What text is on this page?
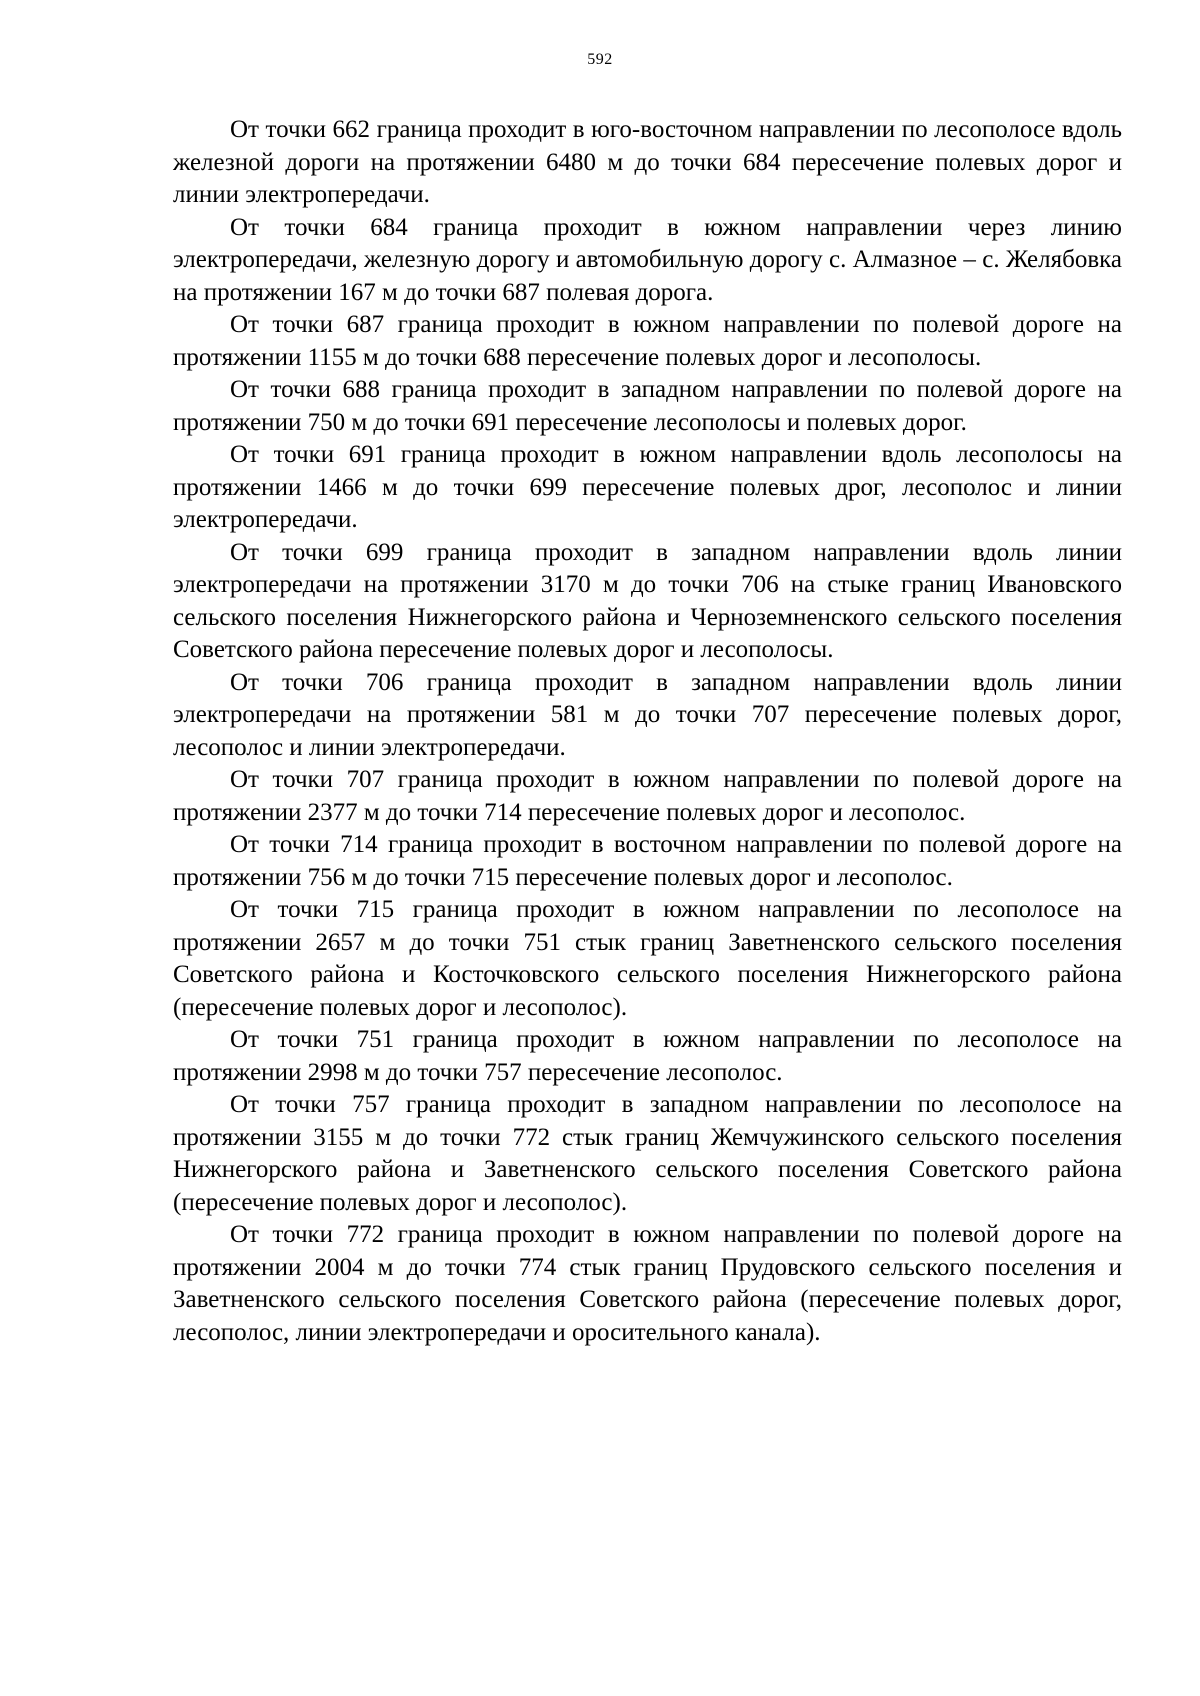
592

От точки 662 граница проходит в юго-восточном направлении по лесополосе вдоль железной дороги на протяжении 6480 м до точки 684 пересечение полевых дорог и линии электропередачи.

От точки 684 граница проходит в южном направлении через линию электропередачи, железную дорогу и автомобильную дорогу с. Алмазное – с. Желябовка на протяжении 167 м до точки 687 полевая дорога.

От точки 687 граница проходит в южном направлении по полевой дороге на протяжении 1155 м до точки 688 пересечение полевых дорог и лесополосы.

От точки 688 граница проходит в западном направлении по полевой дороге на протяжении 750 м до точки 691 пересечение лесополосы и полевых дорог.

От точки 691 граница проходит в южном направлении вдоль лесополосы на протяжении 1466 м до точки 699 пересечение полевых дрог, лесополос и линии электропередачи.

От точки 699 граница проходит в западном направлении вдоль линии электропередачи на протяжении 3170 м до точки 706 на стыке границ Ивановского сельского поселения Нижнегорского района и Черноземненского сельского поселения Советского района пересечение полевых дорог и лесополосы.

От точки 706 граница проходит в западном направлении вдоль линии электропередачи на протяжении 581 м до точки 707 пересечение полевых дорог, лесополос и линии электропередачи.

От точки 707 граница проходит в южном направлении по полевой дороге на протяжении 2377 м до точки 714 пересечение полевых дорог и лесополос.

От точки 714 граница проходит в восточном направлении по полевой дороге на протяжении 756 м до точки 715 пересечение полевых дорог и лесополос.

От точки 715 граница проходит в южном направлении по лесополосе на протяжении 2657 м до точки 751 стык границ Заветненского сельского поселения Советского района и Косточковского сельского поселения Нижнегорского района (пересечение полевых дорог и лесополос).

От точки 751 граница проходит в южном направлении по лесополосе на протяжении 2998 м до точки 757 пересечение лесополос.

От точки 757 граница проходит в западном направлении по лесополосе на протяжении 3155 м до точки 772 стык границ Жемчужинского сельского поселения Нижнегорского района и Заветненского сельского поселения Советского района (пересечение полевых дорог и лесополос).

От точки 772 граница проходит в южном направлении по полевой дороге на протяжении 2004 м до точки 774 стык границ Прудовского сельского поселения и Заветненского сельского поселения Советского района (пересечение полевых дорог, лесополос, линии электропередачи и оросительного канала).
